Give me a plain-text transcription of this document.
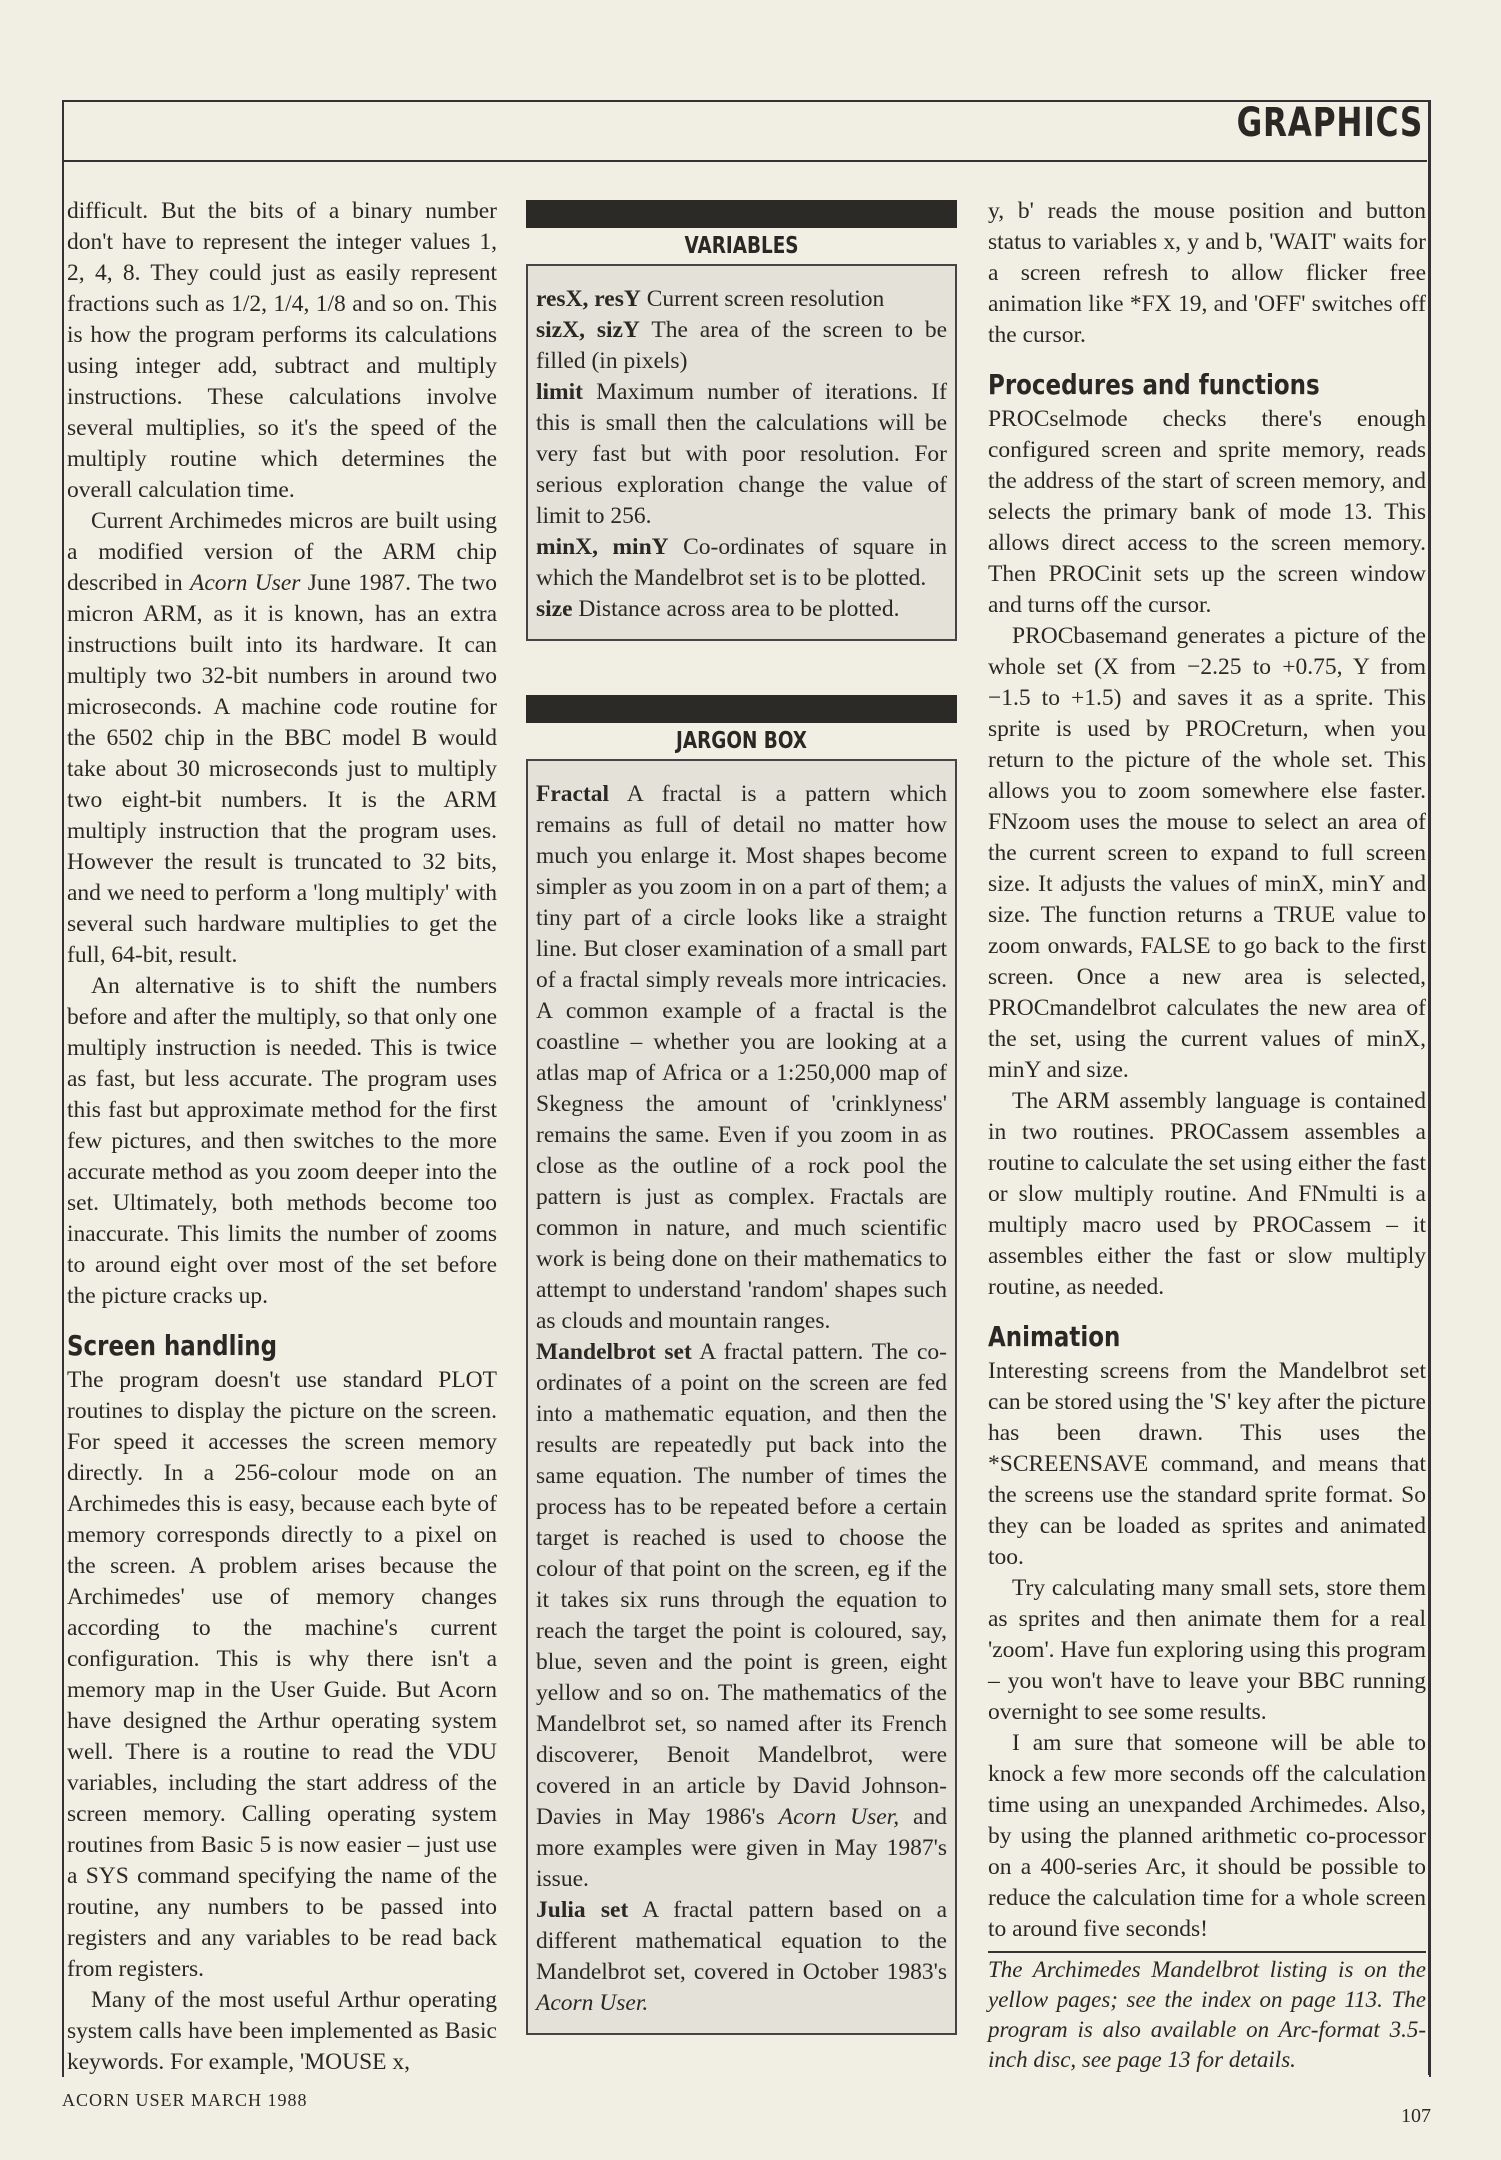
GRAPHICS

difficult. But the bits of a binary number don't have to represent the integer values 1, 2, 4, 8. They could just as easily represent fractions such as 1/2, 1/4, 1/8 and so on. This is how the program performs its calculations using integer add, subtract and multiply instructions. These calculations involve several multiplies, so it's the speed of the multiply routine which determines the overall calculation time.

Current Archimedes micros are built using a modified version of the ARM chip described in Acorn User June 1987. The two micron ARM, as it is known, has an extra instructions built into its hardware. It can multiply two 32-bit numbers in around two microseconds. A machine code routine for the 6502 chip in the BBC model B would take about 30 microseconds just to multiply two eight-bit numbers. It is the ARM multiply instruction that the program uses. However the result is truncated to 32 bits, and we need to perform a 'long multiply' with several such hardware multiplies to get the full, 64-bit, result.

An alternative is to shift the numbers before and after the multiply, so that only one multiply instruction is needed. This is twice as fast, but less accurate. The program uses this fast but approximate method for the first few pictures, and then switches to the more accurate method as you zoom deeper into the set. Ultimately, both methods become too inaccurate. This limits the number of zooms to around eight over most of the set before the picture cracks up.

Screen handling

The program doesn't use standard PLOT routines to display the picture on the screen. For speed it accesses the screen memory directly. In a 256-colour mode on an Archimedes this is easy, because each byte of memory corresponds directly to a pixel on the screen. A problem arises because the Archimedes' use of memory changes according to the machine's current configuration. This is why there isn't a memory map in the User Guide. But Acorn have designed the Arthur operating system well. There is a routine to read the VDU variables, including the start address of the screen memory. Calling operating system routines from Basic 5 is now easier – just use a SYS command specifying the name of the routine, any numbers to be passed into registers and any variables to be read back from registers.

Many of the most useful Arthur operating system calls have been implemented as Basic keywords. For example, 'MOUSE x,

VARIABLES

resX, resY Current screen resolution

sizX, sizY The area of the screen to be filled (in pixels)

limit Maximum number of iterations. If this is small then the calculations will be very fast but with poor resolution. For serious exploration change the value of limit to 256.

minX, minY Co-ordinates of square in which the Mandelbrot set is to be plotted.

size Distance across area to be plotted.

JARGON BOX

Fractal A fractal is a pattern which remains as full of detail no matter how much you enlarge it. Most shapes become simpler as you zoom in on a part of them; a tiny part of a circle looks like a straight line. But closer examination of a small part of a fractal simply reveals more intricacies. A common example of a fractal is the coastline – whether you are looking at a atlas map of Africa or a 1:250,000 map of Skegness the amount of 'crinklyness' remains the same. Even if you zoom in as close as the outline of a rock pool the pattern is just as complex. Fractals are common in nature, and much scientific work is being done on their mathematics to attempt to understand 'random' shapes such as clouds and mountain ranges.

Mandelbrot set A fractal pattern. The co-ordinates of a point on the screen are fed into a mathematic equation, and then the results are repeatedly put back into the same equation. The number of times the process has to be repeated before a certain target is reached is used to choose the colour of that point on the screen, eg if the it takes six runs through the equation to reach the target the point is coloured, say, blue, seven and the point is green, eight yellow and so on. The mathematics of the Mandelbrot set, so named after its French discoverer, Benoit Mandelbrot, were covered in an article by David Johnson-Davies in May 1986's Acorn User, and more examples were given in May 1987's issue.

Julia set A fractal pattern based on a different mathematical equation to the Mandelbrot set, covered in October 1983's Acorn User.

y, b' reads the mouse position and button status to variables x, y and b, 'WAIT' waits for a screen refresh to allow flicker free animation like *FX 19, and 'OFF' switches off the cursor.

Procedures and functions

PROCselmode checks there's enough configured screen and sprite memory, reads the address of the start of screen memory, and selects the primary bank of mode 13. This allows direct access to the screen memory. Then PROCinit sets up the screen window and turns off the cursor.

PROCbasemand generates a picture of the whole set (X from −2.25 to +0.75, Y from −1.5 to +1.5) and saves it as a sprite. This sprite is used by PROCreturn, when you return to the picture of the whole set. This allows you to zoom somewhere else faster. FNzoom uses the mouse to select an area of the current screen to expand to full screen size. It adjusts the values of minX, minY and size. The function returns a TRUE value to zoom onwards, FALSE to go back to the first screen. Once a new area is selected, PROCmandelbrot calculates the new area of the set, using the current values of minX, minY and size.

The ARM assembly language is contained in two routines. PROCassem assembles a routine to calculate the set using either the fast or slow multiply routine. And FNmulti is a multiply macro used by PROCassem – it assembles either the fast or slow multiply routine, as needed.

Animation

Interesting screens from the Mandelbrot set can be stored using the 'S' key after the picture has been drawn. This uses the *SCREENSAVE command, and means that the screens use the standard sprite format. So they can be loaded as sprites and animated too.

Try calculating many small sets, store them as sprites and then animate them for a real 'zoom'. Have fun exploring using this program – you won't have to leave your BBC running overnight to see some results.

I am sure that someone will be able to knock a few more seconds off the calculation time using an unexpanded Archimedes. Also, by using the planned arithmetic co-processor on a 400-series Arc, it should be possible to reduce the calculation time for a whole screen to around five seconds!

The Archimedes Mandelbrot listing is on the yellow pages; see the index on page 113. The program is also available on Arc-format 3.5-inch disc, see page 13 for details.
ACORN USER MARCH 1988
107
